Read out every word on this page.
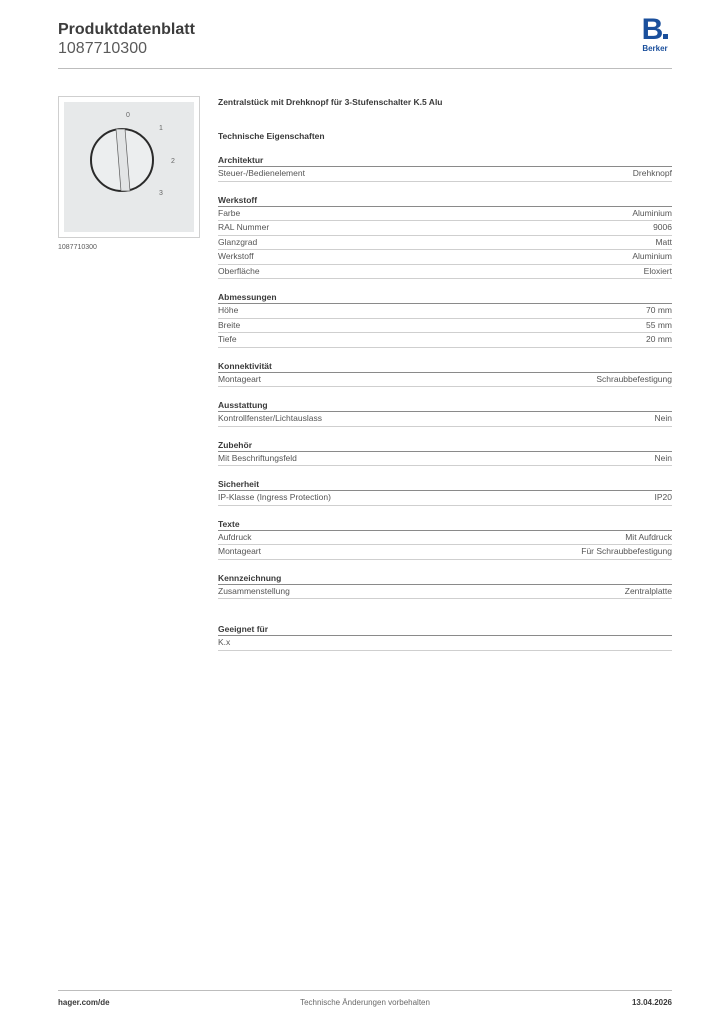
Produktdatenblatt
1087710300
B
Berker
0
1
2
3
1087710300
Zentralstück mit Drehknopf für 3-Stufenschalter K.5 Alu
Technische Eigenschaften
Architektur
Steuer-/Bedienelement	Drehknopf
Werkstoff
Farbe	Aluminium
RAL Nummer	9006
Glanzgrad	Matt
Werkstoff	Aluminium
Oberfläche	Eloxiert
Abmessungen
Höhe	70 mm
Breite	55 mm
Tiefe	20 mm
Konnektivität
Montageart	Schraubbefestigung
Ausstattung
Kontrollfenster/Lichtauslass	Nein
Zubehör
Mit Beschriftungsfeld	Nein
Sicherheit
IP-Klasse (Ingress Protection)	IP20
Texte
Aufdruck	Mit Aufdruck
Montageart	Für Schraubbefestigung
Kennzeichnung
Zusammenstellung	Zentralplatte
Geeignet für
K.x
hager.com/de	Technische Änderungen vorbehalten	13.04.2026
